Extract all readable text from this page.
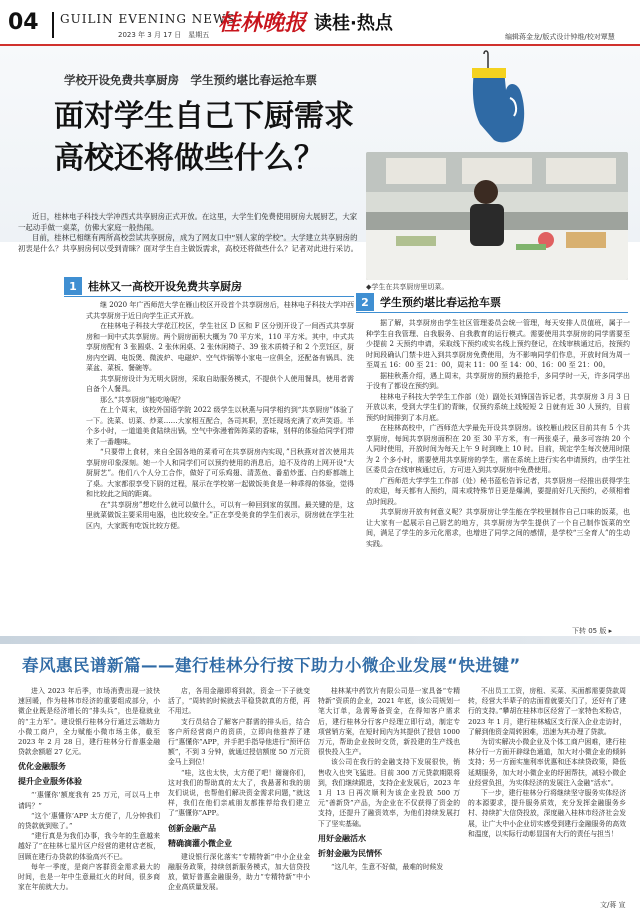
04 GUILIN EVENING NEWS
2023 年 3 月 17 日　星期五 桂林晚报 读桂·热点
编辑蒋金龙/版式设计钟维/校对覃慧
学校开设免费共享厨房　学生预约堪比春运抢车票
面对学生自己下厨需求
高校还将做些什么？
◆学生在共享厨房里切菜。

近日，桂林电子科技大学冲西式共享厨房正式开放。在这里，大学生们免费使用厨房大展厨艺，大家一起动手做一桌菜，仿佛大家庭一般热闹。

目前，桂林已相继有两所高校尝试共享厨房，成为了网友口中“别人家的学校”。大学建立共享厨房的初衷是什么？共享厨房何以受到青睐？面对学生自主做饭需求，高校还将做些什么？记者对此进行采访。

1	桂林又一高校开设免费共享厨房

继 2020 年广西师范大学在雁山校区开设首个共享厨房后，桂林电子科技大学冲西式共享厨房于近日向学生正式开放。

在桂林电子科技大学花江校区，学生社区 D 区和 F 区分别开设了一间西式共享厨房和一间中式共享厨房。两个厨房面积大概为 70 平方米，110 平方米。其中，中式共享厨房配有 3 张圆桌、2 张休闲桌、2 张休闲椅子、39 张木质椅子和 2 个烹饪区，厨房内空调、电饭煲、微波炉、电磁炉、空气炸锅等小家电一应俱全，还配备有锅具、洗菜盆、菜板、餐碗等。

共享厨房设计为无明火厨房，采取自助服务模式，不提供个人使用餐具，使用者需自备个人餐具。

那么“共享厨房”能吃啥呢？

在上个周末，该校外国语学院 2022 级学生以秋燕与同学相约到“共享厨房”体验了一下。洗菜、切菜、炒菜……大家相互配合，各司其职，烹饪现场充满了欢声笑语。半个多小时，一道道美食陆续出锅，空气中弥漫着阵阵菜的香味，别样的体验给同学们带来了一番趣味。

“只要带上食材，来自全国各地的菜肴可在共享厨房内实现，”吕秋燕对首次使用共享厨房印象深刻。她一个人和同学们可以预约使用的消息后，迫不及待的上网开设“大厨厨艺”。他们八个人分工合作，做好了可乐鸡翅、清蒸鱼、番茄炒蛋、白灼虾都端上了桌。大家都很享受下厨的过程，展示在学校第一起做饭美食是一种乖得的体验，觉得和比较此之间的距离。

在“共享厨房”想吃什么就可以做什么，可以有一种回到家的氛围。最关键的是，这里就菜做饭主要采用电器，也比较安全。”正在享受美食的学生们表示，厨房就在学生社区内，大家既有吃饭比较方便。

2	学生预约堪比春运抢车票

据了解，共享厨房由学生社区管理委员会统一管理，每天安排人员值班，属于一种学生自我管理、自我服务、自我教育的运行模式。需要使用共享厨房的同学需要至少提前 2 天预约申请，采取线下预约或实名线上预约登记，在线审核通过后，按预约时间段确认门禁卡进入到共享厨房免费使用，为不影响同学们作息，开放时间为周一至周五 16：00 至 21：00，周末 11：00 至 14：00、16：00 至 21：00。

据桂秋燕介绍，遇上周末，共享厨房的预约最抢手，多同学时一天，许多同学出于没有了都设在预约到。

桂林电子科技大学学生工作部（处）副处长刘锋国告诉记者，共享厨房 3 月 3 日开放以来，受到大学生们的青睐，仅预约系统上线短短 2 日就有近 30 人预约，目前预约时间排到了本月底。

在桂林高校中，广西师范大学最先开设共享厨房。该校雁山校区目前共有 5 个共享厨房，每间共享厨房面积在 20 至 30 平方米，有一两张桌子，最多可容纳 20 个人同时使用，开放时间为每天上午 9 时到晚上 10 时。目前，规定学生每次使用时限为 2 个多小时，需要使用共享厨房的学生，需在系统上进行实名申请预约，由学生社区委员会在线审核通过后，方可进入到共享厨房中免费使用。

广西师范大学学生工作部（处）秘书蓝松告诉记者，共享厨房一经推出获得学生的欢迎，每天都有人预约，周末或特殊节日更是爆满，要提前好几天预约，必须相着点时间段。

共享厨房开放有何意义呢？共享厨房让学生能在学校里制作自己口味的饭菜，也让大家有一起展示自己厨艺的地方，共享厨房为学生提供了一个自己制作饭菜的空间，满足了学生的多元化需求，也增进了同学之间的感情，是学校“三全育人”的生动实践。

下转 05 版 ▸
春风惠民谱新篇——建行桂林分行按下助力小微企业发展“快进键”

进入 2023 年后季，市场消费出现一波快速回暖，作为桂林市经济的重要组成部分，小微企业既是经济增长的“排头兵”，也是稳就业的“主力军”。建设银行桂林分行通过云端助力小微工商户，全力赋能小微市场主体，截至 2023 年 2 月 28 日，建行桂林分行普惠金融贷款余额超 27 亿元。

优化金融服务

提升企业服务体验

“‘惠懂你’额度我有 25 万元，可以马上申请吗？”

“这个‘惠懂你’APP 太方便了，几分钟我们的贷款就到账了。”

“建行真是为我们办事，我今年的生意越来越好了”在桂林七星片区户经营的建材店老板，回顾在建行办贷款的体验高兴不已。

每年一季度，是商户客群资金需求最大的时间，也是一年中生意最红火的时间，很多商家在年前就大力。

店，各用金融即将到款，资金一下子就变活了，“周转的时候就去平稳贷款真的方便，再不用过。

支行员结合了解客户群需的排头后，结合客户所经营商户的资质，立即向他推荐了建行“惠懂你”APP，并手把手指导他进行“预评估额”，不到 3 分钟，就通过授信额度 50 万元资金马上到位！

“哇，这也太快，太方便了吧！谢谢你们，这对我们的帮助真的太大了，我悬著和我的朋友们说说，也帮他们解决资金需求问题，”就这样，我们在他们亲戚朋友都推荐给我们建立了“惠懂你”APP。

创新金融产品

精确滴灌小微企业

建设银行深化落实“专精特新”中小企业金融服务政策，持续创新服务模式，加大信贷投放，做好普惠金融服务，助力“专精特新”中小企业高质量发展。

桂林某中药饮片有限公司是一家具备“专精特新”资质的企业，2021 年底，该公司规划一笔大订单，急需筹备资金，在得知客户需求后，建行桂林分行客户经理立即行动，制定专项营销方案，在短时间内为其提供了授信 1000 万元，帮助企业按时交货，新投建的生产线也很快投入生产。

该公司在我行的金融支持下发展很快，销售收入也突飞猛进。目前 300 万元贷款期限将到，我们继续跟进，支持企业发展后，2023 年 1 月 13 日再次顺利为该企业投放 500 万元“善新贷”产品，为企业在不仅获得了资金的支持，还提升了融资效率，为他们持续发展打下了坚实基础。

用好金融活水

折射金融为民情怀

“这几年，生意不好做，最难的时候发

不出员工工资，房租、买菜、买面都需要贷款周转，经营大半辈子的店面看就要关门了，还好有了建行的支持。”攀胡在桂林市区经营了一家特色米粉店，2023 年 1 月，建行桂林城区支行深入企业走访时，了解到他资金周转困难，迅速为其办理了贷款。

为切实解决小微企业及个体工商户困难，建行桂林分行一方面开辟绿色通道，加大对小微企业的倾斜支持；另一方面实施利率优惠和还本续贷政策，降低延期服务，加大对小微企业的纾困帮扶，减轻小微企业经营负担，为实体经济的发展注入金融“活水”。

下一步，建行桂林分行将继续坚守服务实体经济的本源要求，提升服务质效，充分发挥金融服务乡村、持续扩大信贷投放，深度融入桂林市经济社会发展，让广大中小企业切实感受到建行金融服务的高效和温度，以实际行动彰显国有大行的责任与担当！

文/蒋 宣
